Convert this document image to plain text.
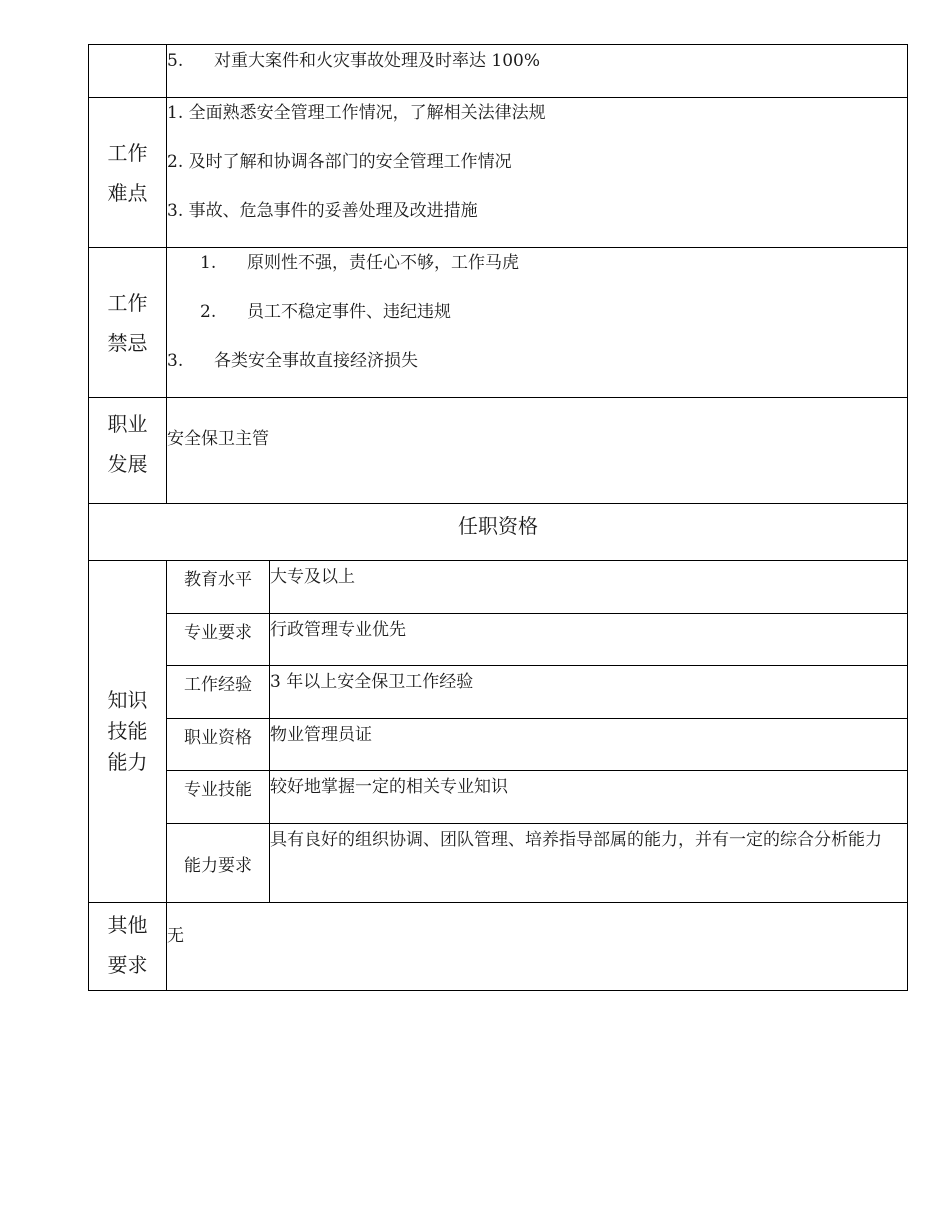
	5. 对重大案件和火灾事故处理及时率达 100%	

工作
难点	1. 全面熟悉安全管理工作情况，了解相关法律法规
2. 及时了解和协调各部门的安全管理工作情况
3. 事故、危急事件的妥善处理及改进措施	

工作
禁忌	1. 原则性不强，责任心不够，工作马虎
2. 员工不稳定事件、违纪违规
3. 各类安全事故直接经济损失	

职业
发展	安全保卫主管	

任职资格		

知识
技能
能力	教育水平	大专及以上
	专业要求	行政管理专业优先
	工作经验	3 年以上安全保卫工作经验
	职业资格	物业管理员证
	专业技能	较好地掌握一定的相关专业知识
	能力要求	具有良好的组织协调、团队管理、培养指导部属的能力，并有一定的综合分析能力

其他
要求	无	
